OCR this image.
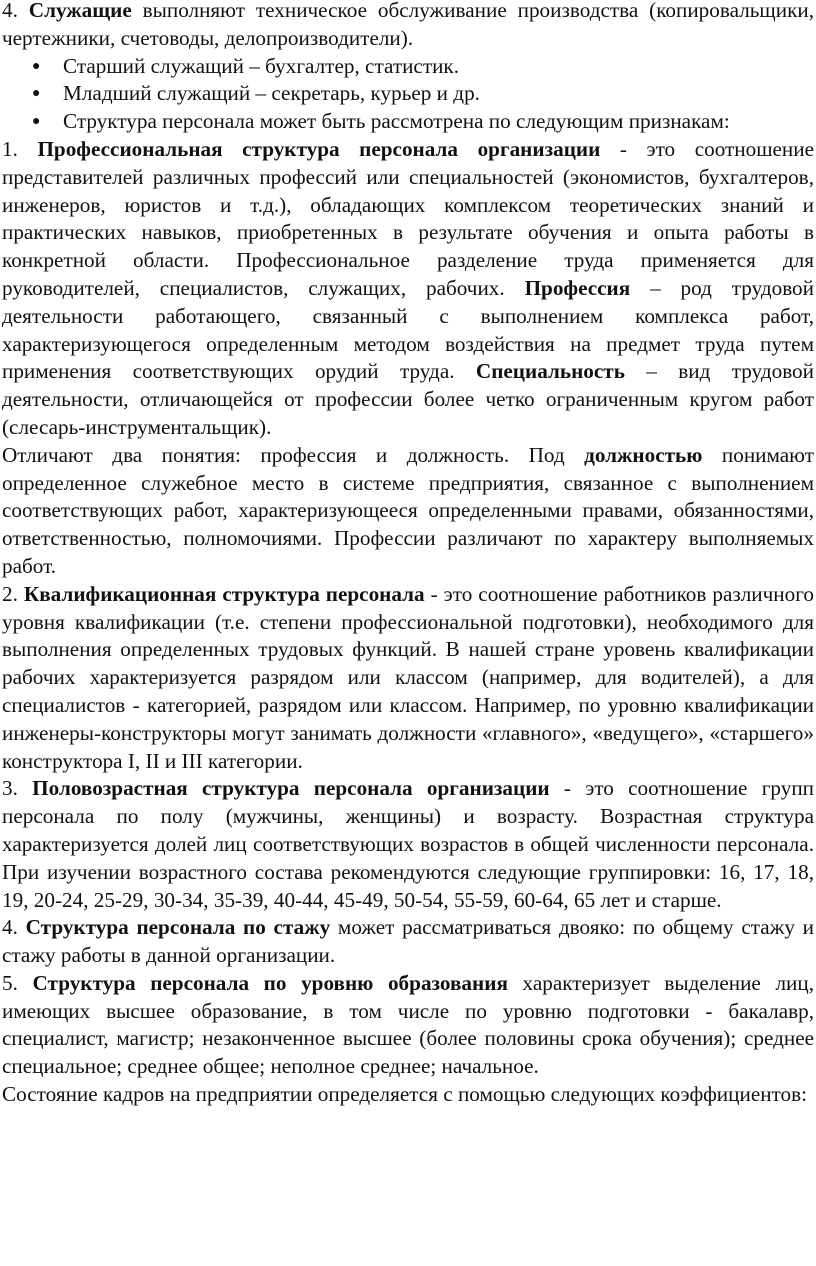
4. Служащие выполняют техническое обслуживание производства (копировальщики, чертежники, счетоводы, делопроизводители).

● Старший служащий – бухгалтер, статистик.
● Младший служащий – секретарь, курьер и др.
● Структура персонала может быть рассмотрена по следующим признакам:

1. Профессиональная структура персонала организации - это соотношение представителей различных профессий или специальностей (экономистов, бухгалтеров, инженеров, юристов и т.д.), обладающих комплексом теоретических знаний и практических навыков, приобретенных в результате обучения и опыта работы в конкретной области. Профессиональное разделение труда применяется для руководителей, специалистов, служащих, рабочих. Профессия – род трудовой деятельности работающего, связанный с выполнением комплекса работ, характеризующегося определенным методом воздействия на предмет труда путем применения соответствующих орудий труда. Специальность – вид трудовой деятельности, отличающейся от профессии более четко ограниченным кругом работ (слесарь-инструментальщик).

Отличают два понятия: профессия и должность. Под должностью понимают определенное служебное место в системе предприятия, связанное с выполнением соответствующих работ, характеризующееся определенными правами, обязанностями, ответственностью, полномочиями. Профессии различают по характеру выполняемых работ.

2. Квалификационная структура персонала - это соотношение работников различного уровня квалификации (т.е. степени профессиональной подготовки), необходимого для выполнения определенных трудовых функций. В нашей стране уровень квалификации рабочих характеризуется разрядом или классом (например, для водителей), а для специалистов - категорией, разрядом или классом. Например, по уровню квалификации инженеры-конструкторы могут занимать должности «главного», «ведущего», «старшего» конструктора I, II и III категории.

3. Половозрастная структура персонала организации - это соотношение групп персонала по полу (мужчины, женщины) и возрасту. Возрастная структура характеризуется долей лиц соответствующих возрастов в общей численности персонала. При изучении возрастного состава рекомендуются следующие группировки: 16, 17, 18, 19, 20-24, 25-29, 30-34, 35-39, 40-44, 45-49, 50-54, 55-59, 60-64, 65 лет и старше.

4. Структура персонала по стажу может рассматриваться двояко: по общему стажу и стажу работы в данной организации.

5. Структура персонала по уровню образования характеризует выделение лиц, имеющих высшее образование, в том числе по уровню подготовки - бакалавр, специалист, магистр; незаконченное высшее (более половины срока обучения); среднее специальное; среднее общее; неполное среднее; начальное.

Состояние кадров на предприятии определяется с помощью следующих коэффициентов:
